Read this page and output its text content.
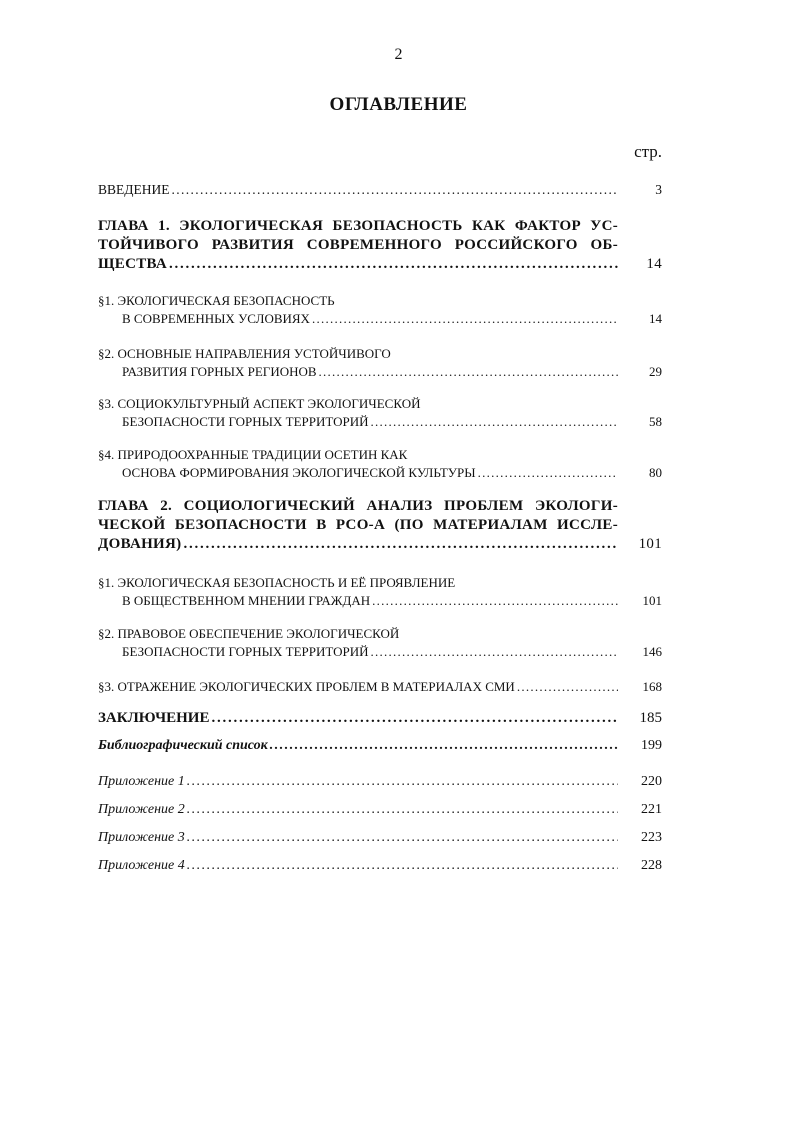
2
ОГЛАВЛЕНИЕ
стр.
ВВЕДЕНИЕ . . .	3
ГЛАВА 1. ЭКОЛОГИЧЕСКАЯ БЕЗОПАСНОСТЬ КАК ФАКТОР УС-
ТОЙЧИВОГО РАЗВИТИЯ СОВРЕМЕННОГО РОССИЙСКОГО ОБ-
ЩЕСТВА . . .	14
§1. ЭКОЛОГИЧЕСКАЯ БЕЗОПАСНОСТЬ
В СОВРЕМЕННЫХ УСЛОВИЯХ . . .	14
§2. ОСНОВНЫЕ НАПРАВЛЕНИЯ УСТОЙЧИВОГО
РАЗВИТИЯ ГОРНЫХ РЕГИОНОВ . . .	29
§3. СОЦИОКУЛЬТУРНЫЙ АСПЕКТ ЭКОЛОГИЧЕСКОЙ
БЕЗОПАСНОСТИ ГОРНЫХ ТЕРРИТОРИЙ . . .	58
§4. ПРИРОДООХРАННЫЕ ТРАДИЦИИ ОСЕТИН КАК
ОСНОВА ФОРМИРОВАНИЯ ЭКОЛОГИЧЕСКОЙ КУЛЬТУРЫ . . .	80
ГЛАВА 2. СОЦИОЛОГИЧЕСКИЙ АНАЛИЗ ПРОБЛЕМ ЭКОЛОГИ-
ЧЕСКОЙ БЕЗОПАСНОСТИ В РСО-А (ПО МАТЕРИАЛАМ ИССЛЕ-
ДОВАНИЯ) . . .	101
§1. ЭКОЛОГИЧЕСКАЯ БЕЗОПАСНОСТЬ И ЕЁ ПРОЯВЛЕНИЕ
В ОБЩЕСТВЕННОМ МНЕНИИ ГРАЖДАН . . .	101
§2. ПРАВОВОЕ ОБЕСПЕЧЕНИЕ ЭКОЛОГИЧЕСКОЙ
БЕЗОПАСНОСТИ ГОРНЫХ ТЕРРИТОРИЙ . . .	146
§3. ОТРАЖЕНИЕ ЭКОЛОГИЧЕСКИХ ПРОБЛЕМ В МАТЕРИАЛАХ СМИ . . .	168
ЗАКЛЮЧЕНИЕ . . .	185
Библиографический список . . .	199
Приложение 1 . . .	220
Приложение 2 . . .	221
Приложение 3 . . .	223
Приложение 4 . . .	228
